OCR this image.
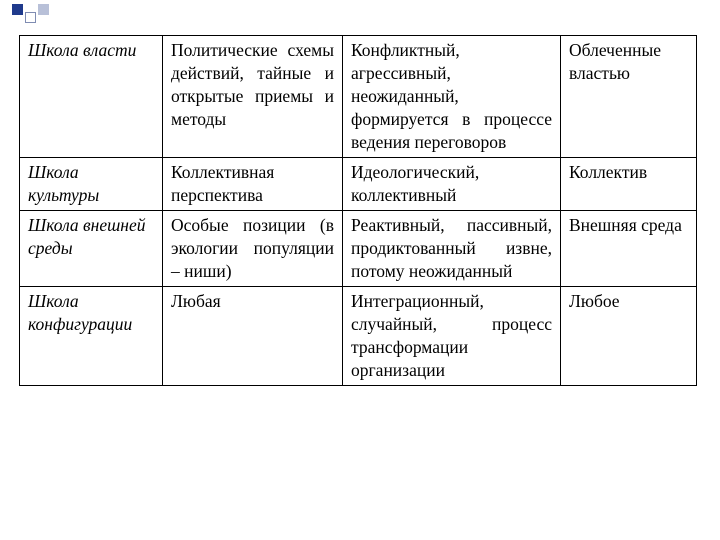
Школа власти	Политические схемы действий, тайные и открытые приемы и методы	Конфликтный, агрессивный, неожиданный, формируется в процессе ведения переговоров	Облеченные властью
Школа культуры	Коллективная перспектива	Идеологический, коллективный	Коллектив
Школа внешней среды	Особые позиции (в экологии популяции – ниши)	Реактивный, пассивный, продиктованный извне, потому неожиданный	Внешняя среда
Школа конфигурации	Любая	Интеграционный, случайный, процесс трансформации организации	Любое
